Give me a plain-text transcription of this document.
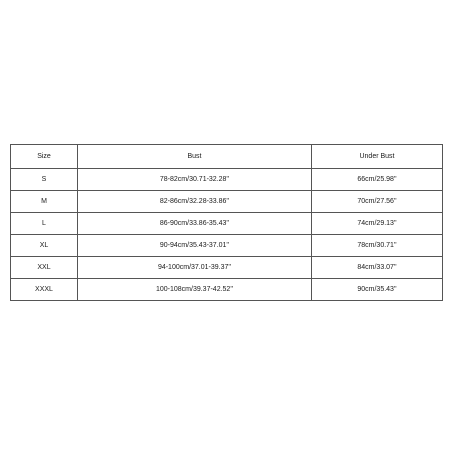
Size	Bust	Under Bust
S	78-82cm/30.71-32.28''	66cm/25.98''
M	82-86cm/32.28-33.86''	70cm/27.56''
L	86-90cm/33.86-35.43''	74cm/29.13''
XL	90-94cm/35.43-37.01''	78cm/30.71''
XXL	94-100cm/37.01-39.37''	84cm/33.07''
XXXL	100-108cm/39.37-42.52''	90cm/35.43''
